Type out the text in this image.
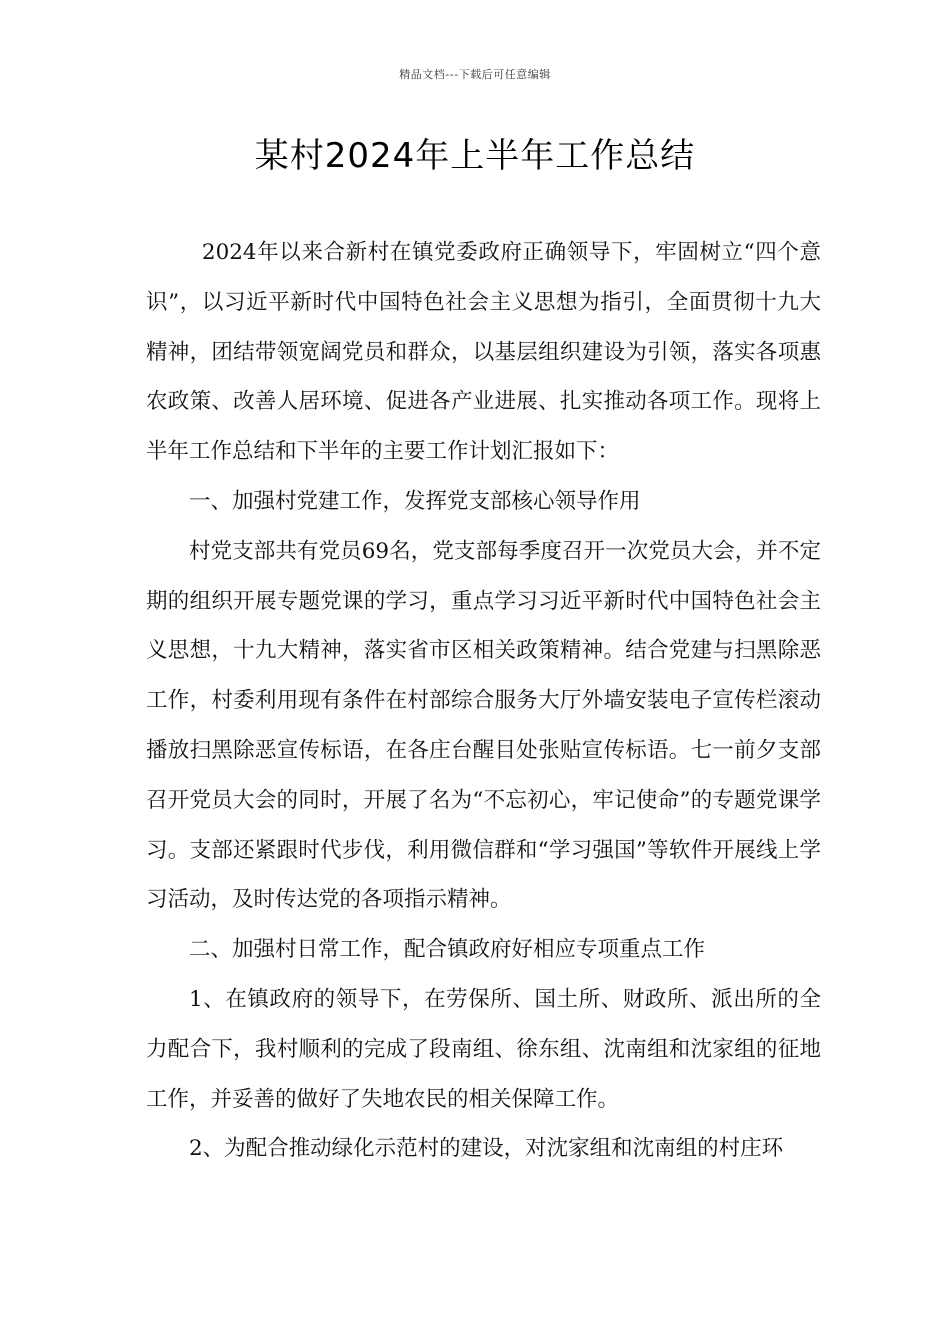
精品文档---下载后可任意编辑
某村2024年上半年工作总结

2024年以来合新村在镇党委政府正确领导下，牢固树立“四个意识”，以习近平新时代中国特色社会主义思想为指引，全面贯彻十九大精神，团结带领宽阔党员和群众，以基层组织建设为引领，落实各项惠农政策、改善人居环境、促进各产业进展、扎实推动各项工作。现将上半年工作总结和下半年的主要工作计划汇报如下：

一、加强村党建工作，发挥党支部核心领导作用

村党支部共有党员69名，党支部每季度召开一次党员大会，并不定期的组织开展专题党课的学习，重点学习习近平新时代中国特色社会主义思想，十九大精神，落实省市区相关政策精神。结合党建与扫黑除恶工作，村委利用现有条件在村部综合服务大厅外墙安装电子宣传栏滚动播放扫黑除恶宣传标语，在各庄台醒目处张贴宣传标语。七一前夕支部召开党员大会的同时，开展了名为“不忘初心，牢记使命”的专题党课学习。支部还紧跟时代步伐，利用微信群和“学习强国”等软件开展线上学习活动，及时传达党的各项指示精神。

二、加强村日常工作，配合镇政府好相应专项重点工作

1、在镇政府的领导下，在劳保所、国土所、财政所、派出所的全力配合下，我村顺利的完成了段南组、徐东组、沈南组和沈家组的征地工作，并妥善的做好了失地农民的相关保障工作。

2、为配合推动绿化示范村的建设，对沈家组和沈南组的村庄环
